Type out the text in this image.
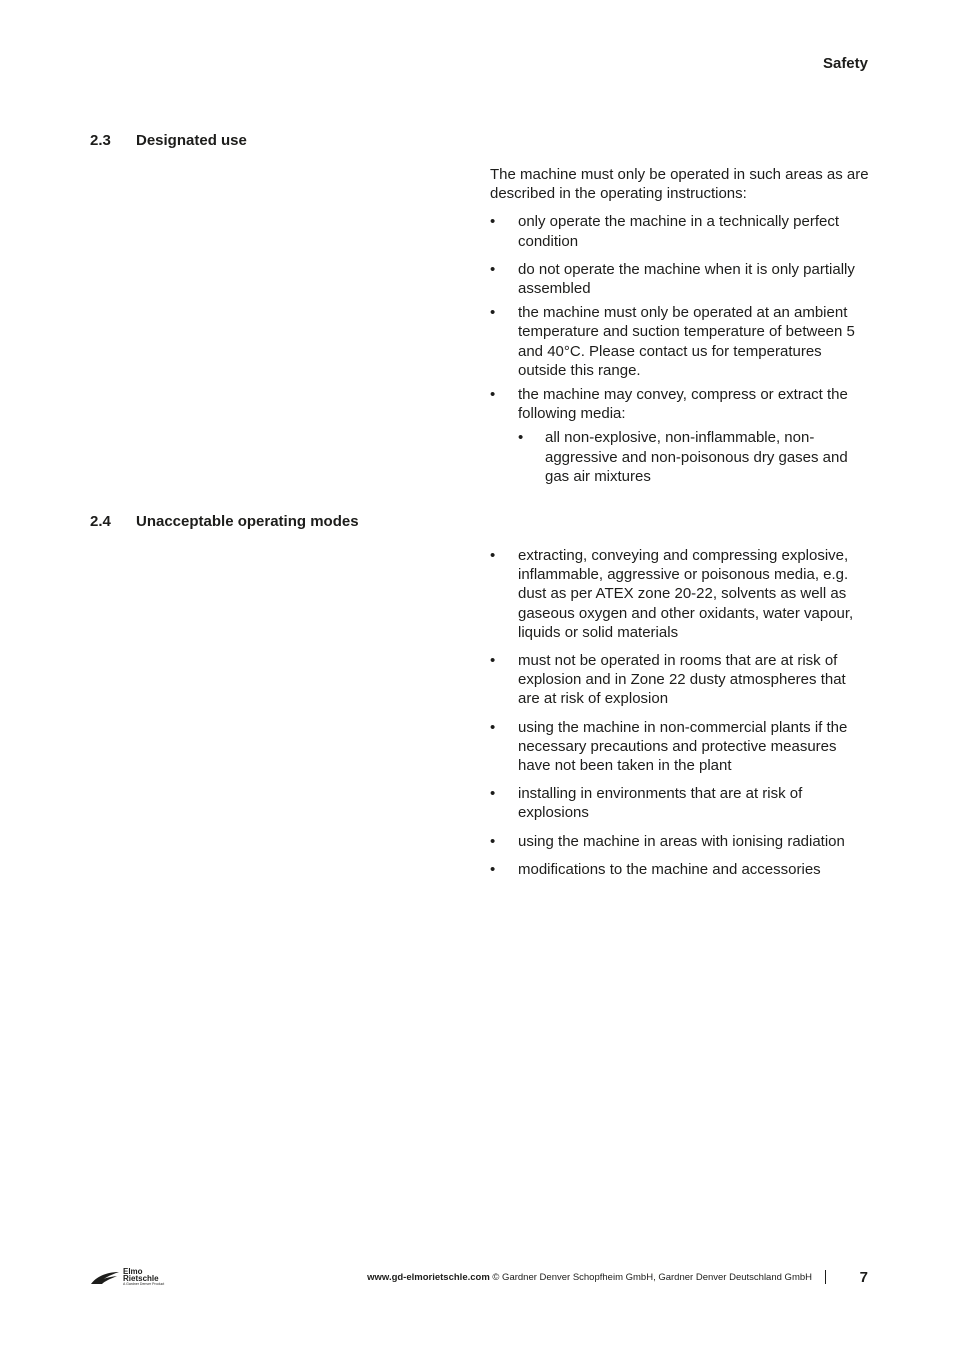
Safety
2.3	Designated use

The machine must only be operated in such areas as are described in the operating instructions:

• only operate the machine in a technically perfect condition
• do not operate the machine when it is only partially assembled
• the machine must only be operated at an ambient temperature and suction temperature of between 5 and 40°C. Please contact us for temperatures outside this range.
• the machine may convey, compress or extract the following media:
• all non-explosive, non-inflammable, non-aggressive and non-poisonous dry gases and gas air mixtures
2.4	Unacceptable operating modes
• extracting, conveying and compressing explosive, inflammable, aggressive or poisonous media, e.g. dust as per ATEX zone 20-22, solvents as well as gaseous oxygen and other oxidants, water vapour, liquids or solid materials
• must not be operated in rooms that are at risk of explosion and in Zone 22 dusty atmospheres that are at risk of explosion
• using the machine in non-commercial plants if the necessary precautions and protective measures have not been taken in the plant
• installing in environments that are at risk of explosions
• using the machine in areas with ionising radiation
• modifications to the machine and accessories
Elmo
Rietschle
A Gardner Denver Product
www.gd-elmorietschle.com © Gardner Denver Schopfheim GmbH, Gardner Denver Deutschland GmbH	7
